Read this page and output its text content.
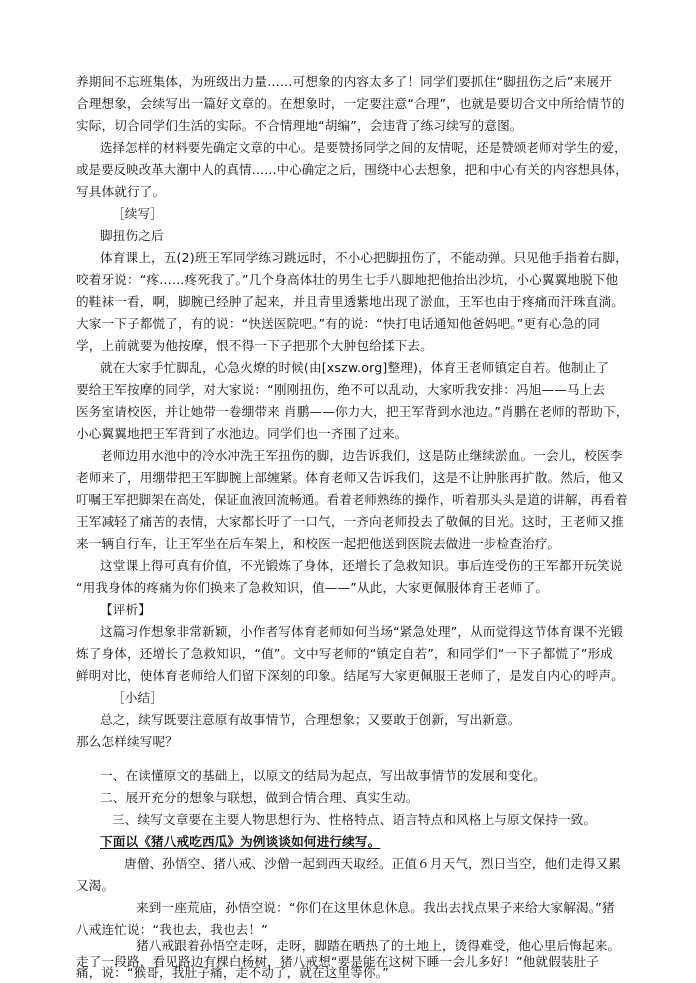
养期间不忘班集体，为班级出力量……可想象的内容太多了！同学们要抓住“脚扭伤之后”来展开
合理想象，会续写出一篇好文章的。在想象时，一定要注意“合理”，也就是要切合文中所给情节的
实际，切合同学们生活的实际。不合情理地“胡编”，会违背了练习续写的意图。
选择怎样的材料要先确定文章的中心。是要赞扬同学之间的友情呢，还是赞颂老师对学生的爱，
或是要反映改革大潮中人的真情……中心确定之后，围绕中心去想象，把和中心有关的内容想具体，
写具体就行了。
［续写］
脚扭伤之后
体育课上，五(2)班王军同学练习跳远时，不小心把脚扭伤了，不能动弹。只见他手指着右脚，
咬着牙说：“疼……疼死我了。”几个身高体壮的男生七手八脚地把他抬出沙坑，小心翼翼地脱下他
的鞋袜一看，啊，脚腕已经肿了起来，并且青里透紫地出现了淤血，王军也由于疼痛而汗珠直淌。
大家一下子都慌了，有的说：“快送医院吧。”有的说：“快打电话通知他爸妈吧。”更有心急的同
学，上前就要为他按摩，恨不得一下子把那个大肿包给揉下去。
就在大家手忙脚乱，心急火燎的时候(由[xszw.org]整理)，体育王老师镇定自若。他制止了
要给王军按摩的同学，对大家说：“刚刚扭伤，绝不可以乱动，大家听我安排：冯旭——马上去
医务室请校医，并让她带一卷绷带来 肖鹏——你力大，把王军背到水池边。”肖鹏在老师的帮助下，
小心翼翼地把王军背到了水池边。同学们也一齐围了过来。
老师边用水池中的冷水冲洗王军扭伤的脚，边告诉我们，这是防止继续淤血。一会儿，校医李
老师来了，用绷带把王军脚腕上部缠紧。体育老师又告诉我们，这是不让肿胀再扩散。然后，他又
叮嘱王军把脚架在高处，保证血液回流畅通。看着老师熟练的操作，听着那头头是道的讲解，再看着
王军减轻了痛苦的表情，大家都长吁了一口气，一齐向老师投去了敬佩的目光。这时，王老师又推
来一辆自行车，让王军坐在后车架上，和校医一起把他送到医院去做进一步检查治疗。
这堂课上得可真有价值，不光锻炼了身体，还增长了急救知识。事后连受伤的王军都开玩笑说
“用我身体的疼痛为你们换来了急救知识，值——”从此，大家更佩服体育王老师了。
【评析】
这篇习作想象非常新颖，小作者写体育老师如何当场“紧急处理”，从而觉得这节体育课不光锻
炼了身体，还增长了急救知识，“值”。文中写老师的“镇定自若”，和同学们“一下子都慌了”形成
鲜明对比，使体育老师给人们留下深刻的印象。结尾写大家更佩服王老师了，是发自内心的呼声。
［小结］
总之，续写既要注意原有故事情节，合理想象；又要敢于创新，写出新意。
那么怎样续写呢？
一、在读懂原文的基础上，以原文的结局为起点，写出故事情节的发展和变化。
二、展开充分的想象与联想，做到合情合理、真实生动。
三、续写文章要在主要人物思想行为、性格特点、语言特点和风格上与原文保持一致。
下面以《猪八戒吃西瓜》为例谈谈如何进行续写。
唐僧、孙悟空、猪八戒、沙僧一起到西天取经。正值６月天气，烈日当空，他们走得又累
又渴。
来到一座荒庙，孙悟空说：“你们在这里休息休息。我出去找点果子来给大家解渴。”猪
八戒连忙说：“我也去，我也去！”
猪八戒跟着孙悟空走呀，走呀，脚踏在晒热了的土地上，烫得难受，他心里后悔起来。
走了一段路，看见路边有棵白杨树，猪八戒想“要是能在这树下睡一会儿多好！”他就假装肚子
痛，说：“猴哥，我肚子痛，走不动了，就在这里等你。”
